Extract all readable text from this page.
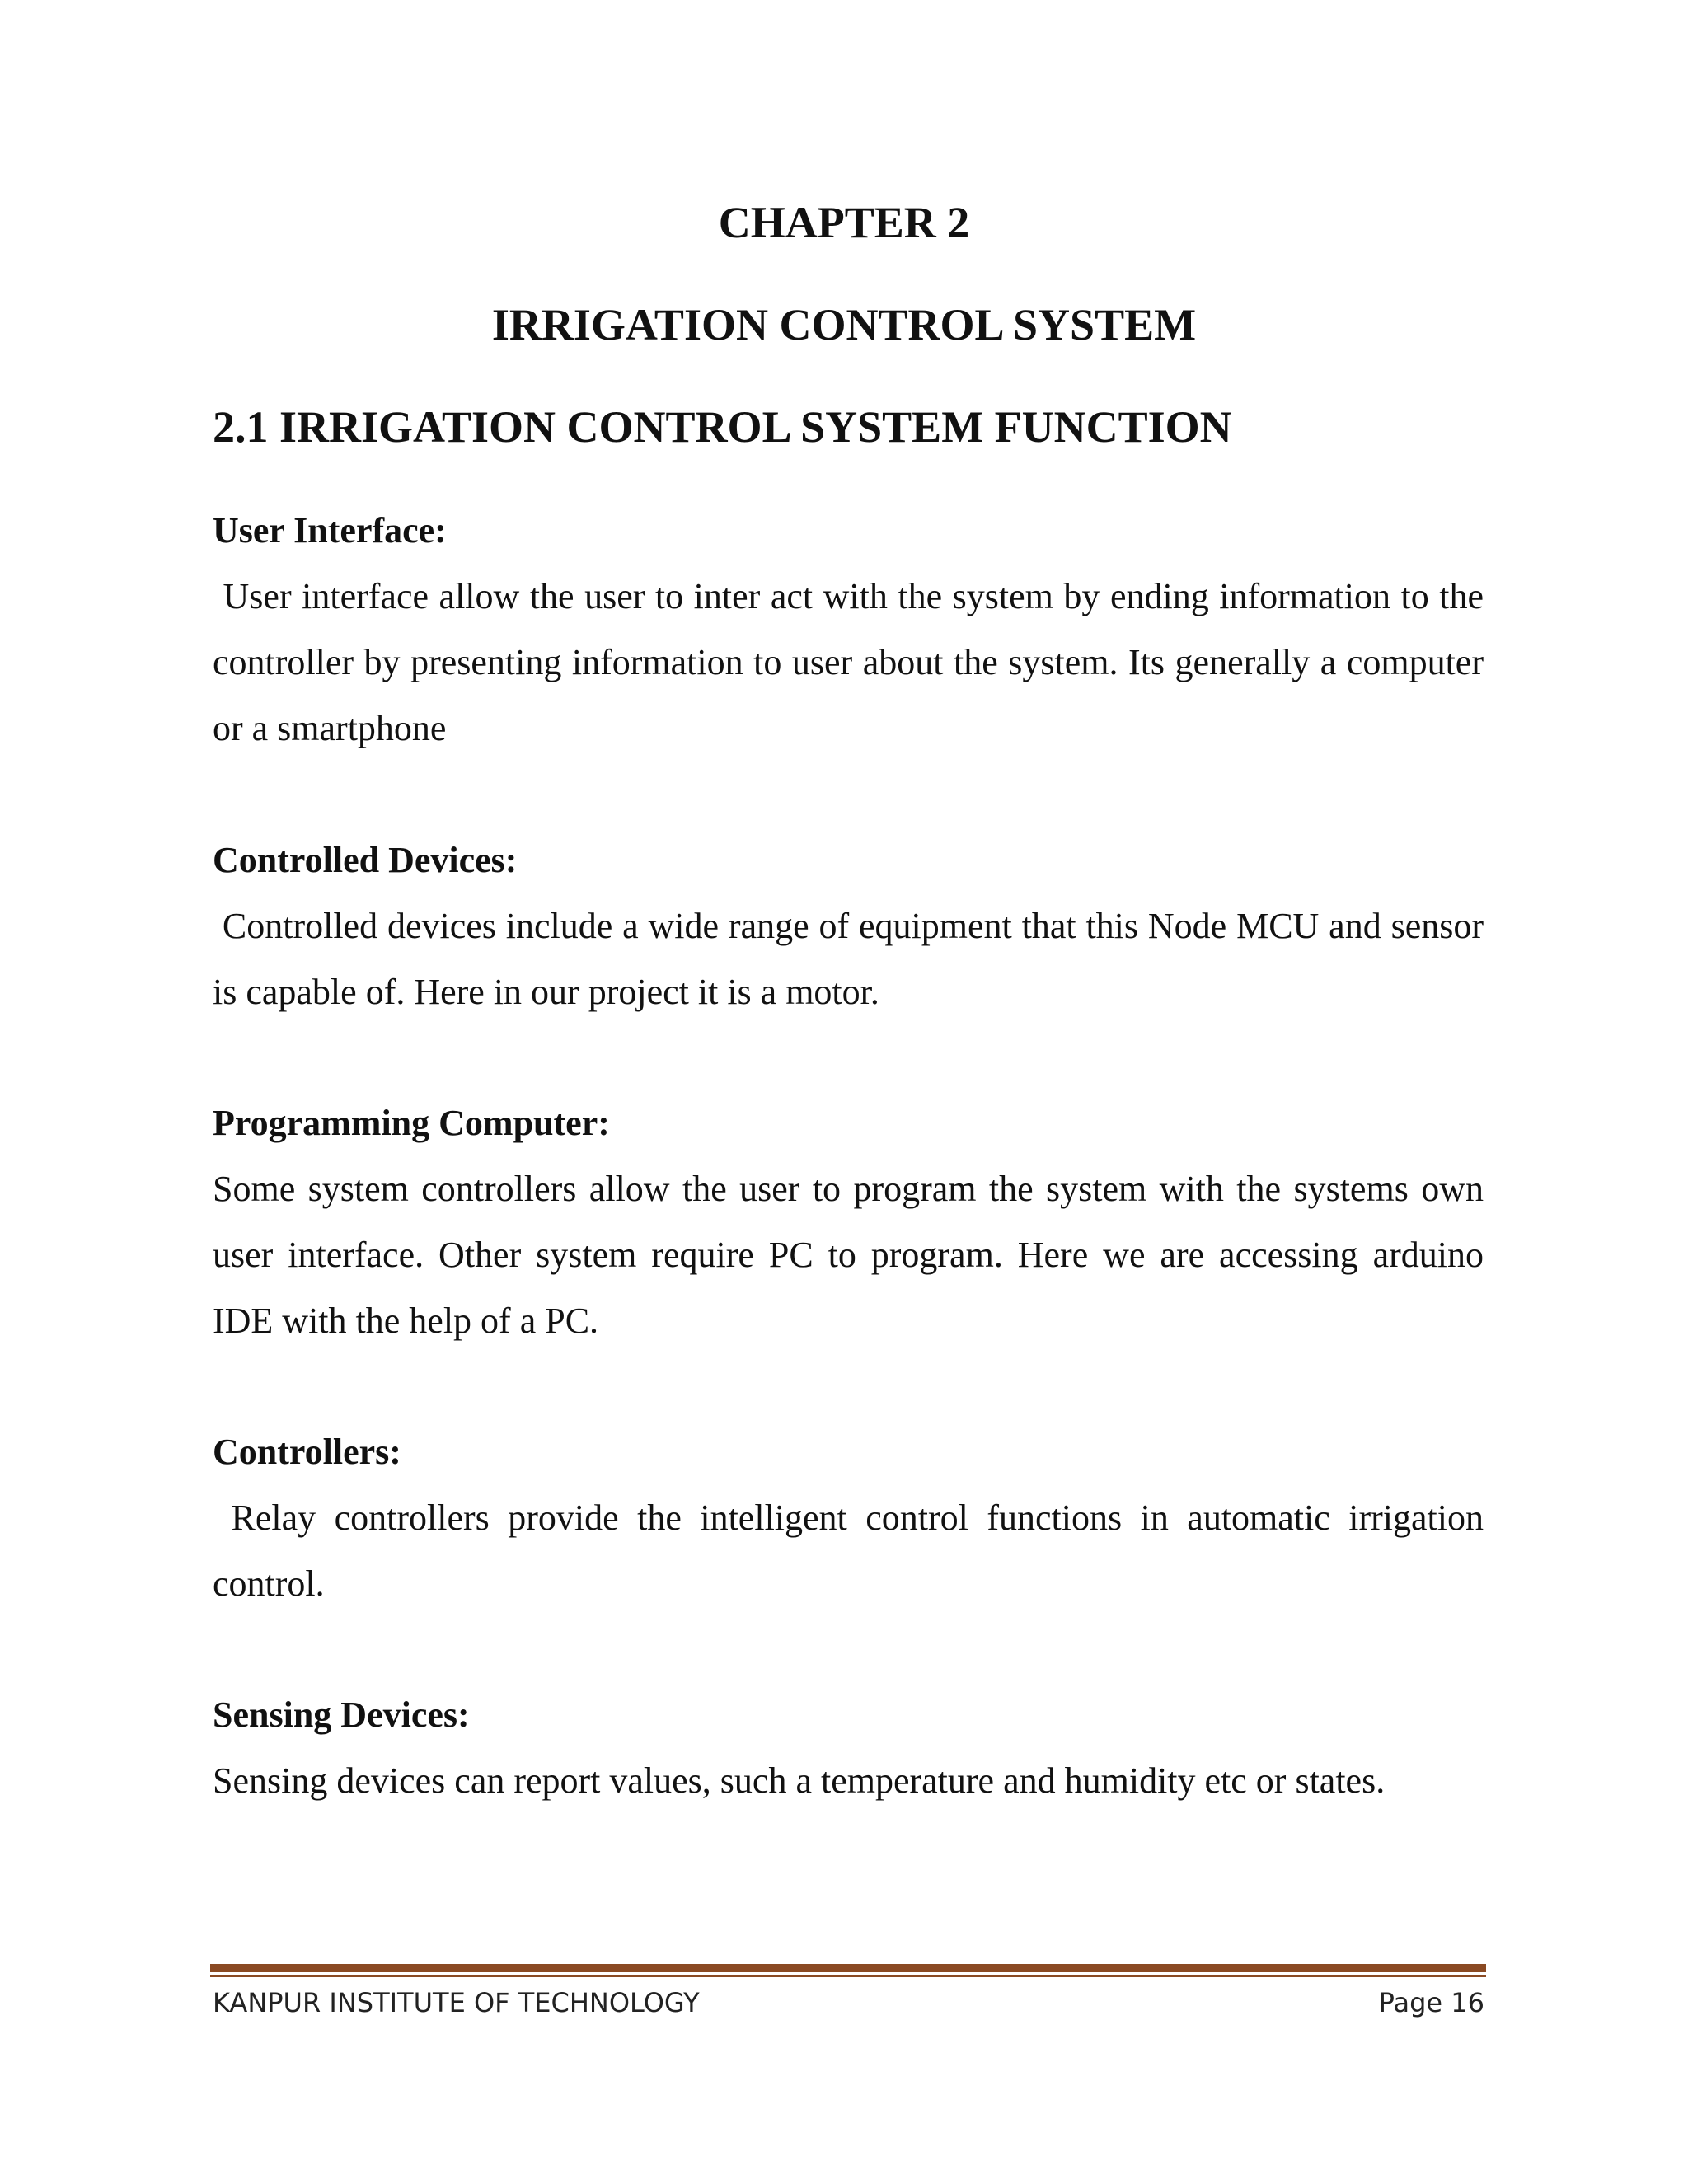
CHAPTER 2
IRRIGATION CONTROL SYSTEM
2.1 IRRIGATION CONTROL SYSTEM FUNCTION

User Interface:

User interface allow the user to inter act with the system by ending information to the controller by presenting information to user about the system. Its generally a computer or a smartphone

Controlled Devices:

Controlled devices include a wide range of equipment that this Node MCU and sensor is capable of. Here in our project it is a motor.

Programming Computer:

Some system controllers allow the user to program the system with the systems own user interface. Other system require PC to program. Here we are accessing arduino IDE with the help of a PC.

Controllers:

Relay controllers provide the intelligent control functions in automatic irrigation control.

Sensing Devices:

Sensing devices can report values, such a temperature and humidity etc or states.

KANPUR INSTITUTE OF TECHNOLOGY	Page 16
